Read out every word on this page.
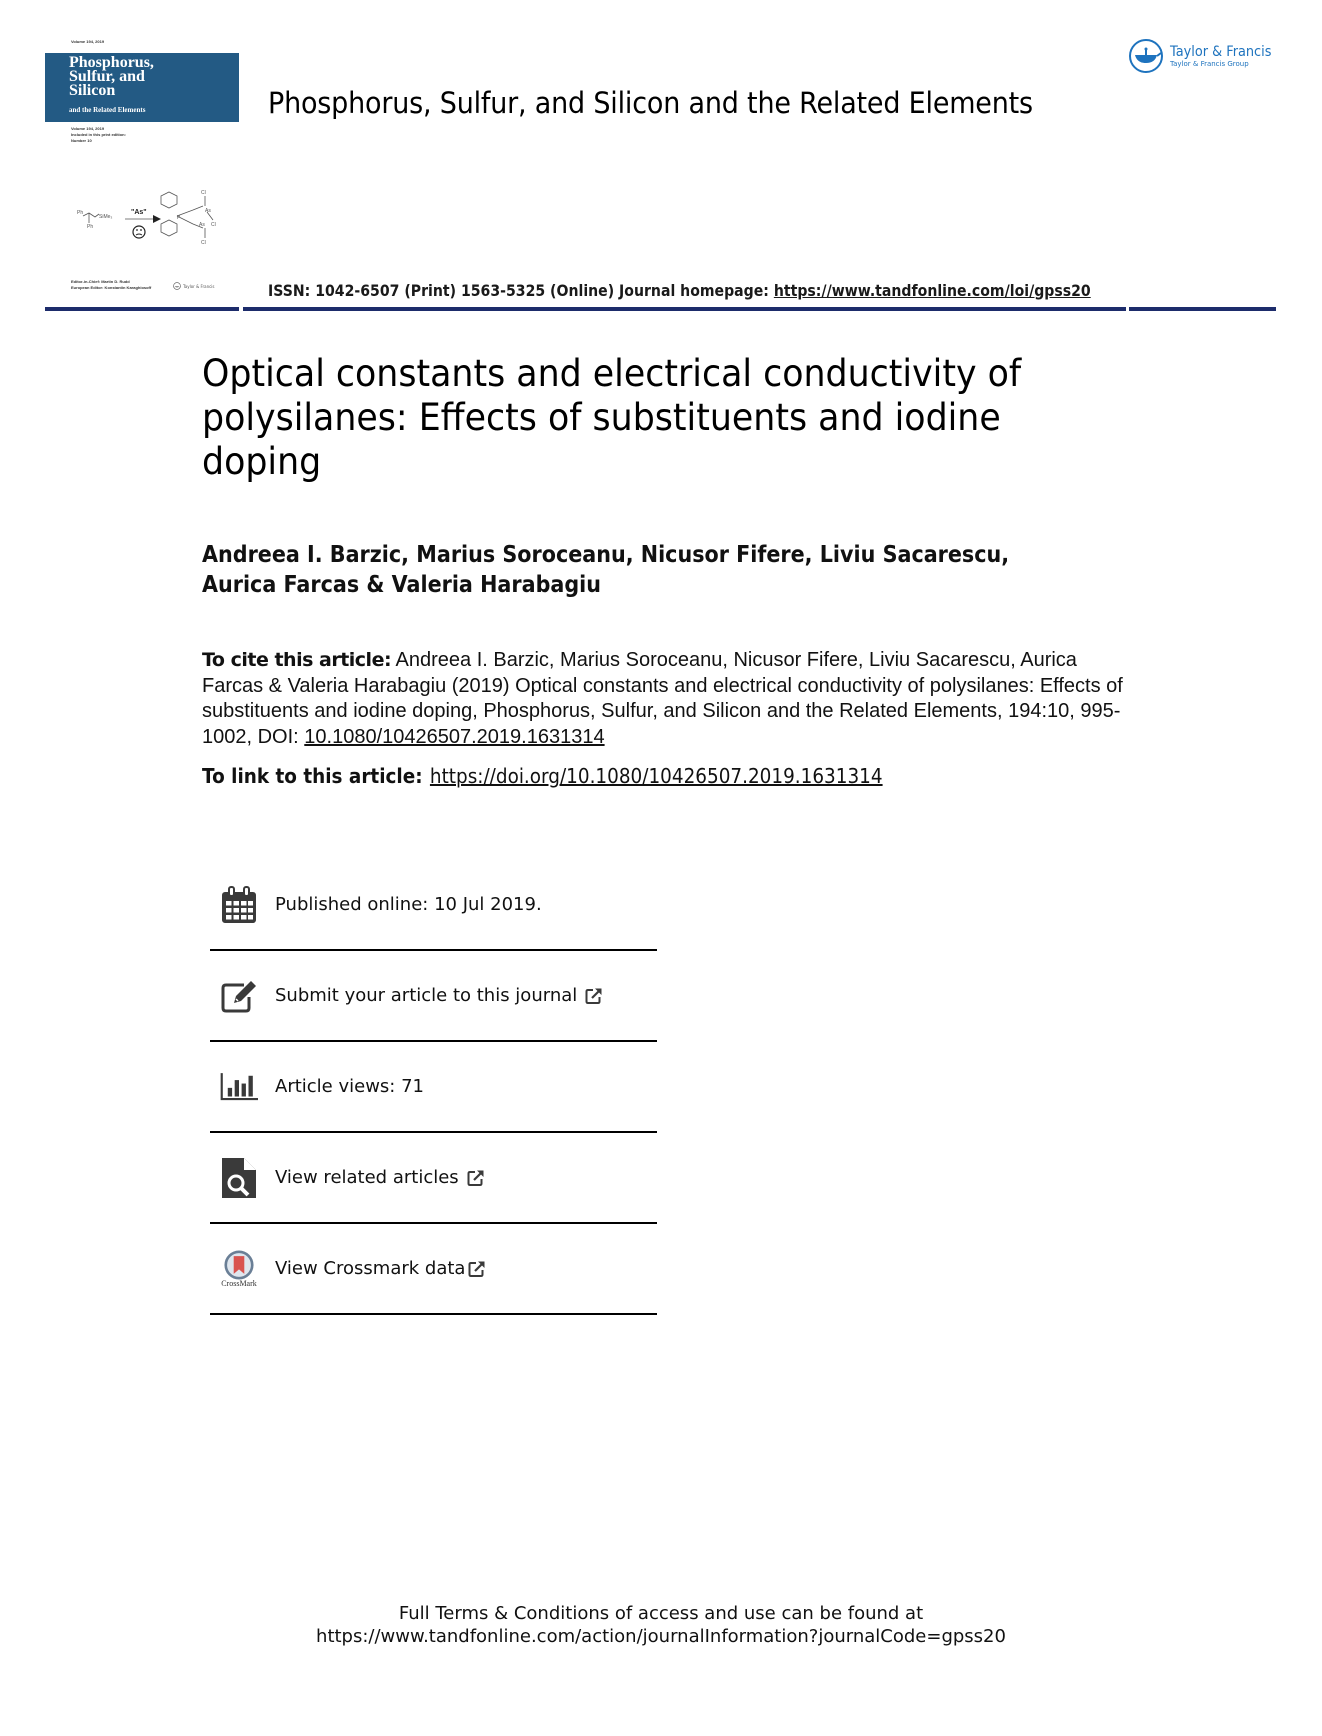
Volume 194, 2019
Phosphorus,
Sulfur, and
Silicon
and the Related Elements
Volume 194, 2019
Included in this print edition:
Number 10
Ph
Ph
SiMe₃
"As"
Cl
As
As Cl
Cl
P
Editor-in-Chief: Martin D. Rudd
European Editor: Konstantin Karaghiosoff	Taylor & Francis
Phosphorus, Sulfur, and Silicon and the Related Elements
Taylor & Francis
Taylor & Francis Group
ISSN: 1042-6507 (Print) 1563-5325 (Online) Journal homepage: https://www.tandfonline.com/loi/gpss20
Optical constants and electrical conductivity of polysilanes: Effects of substituents and iodine doping
Andreea I. Barzic, Marius Soroceanu, Nicusor Fifere, Liviu Sacarescu, Aurica Farcas & Valeria Harabagiu
To cite this article: Andreea I. Barzic, Marius Soroceanu, Nicusor Fifere, Liviu Sacarescu, Aurica Farcas & Valeria Harabagiu (2019) Optical constants and electrical conductivity of polysilanes: Effects of substituents and iodine doping, Phosphorus, Sulfur, and Silicon and the Related Elements, 194:10, 995-1002, DOI: 10.1080/10426507.2019.1631314
To link to this article: https://doi.org/10.1080/10426507.2019.1631314
Published online: 10 Jul 2019.
Submit your article to this journal
Article views: 71
View related articles
CrossMark
View Crossmark data
Full Terms & Conditions of access and use can be found at
https://www.tandfonline.com/action/journalInformation?journalCode=gpss20
